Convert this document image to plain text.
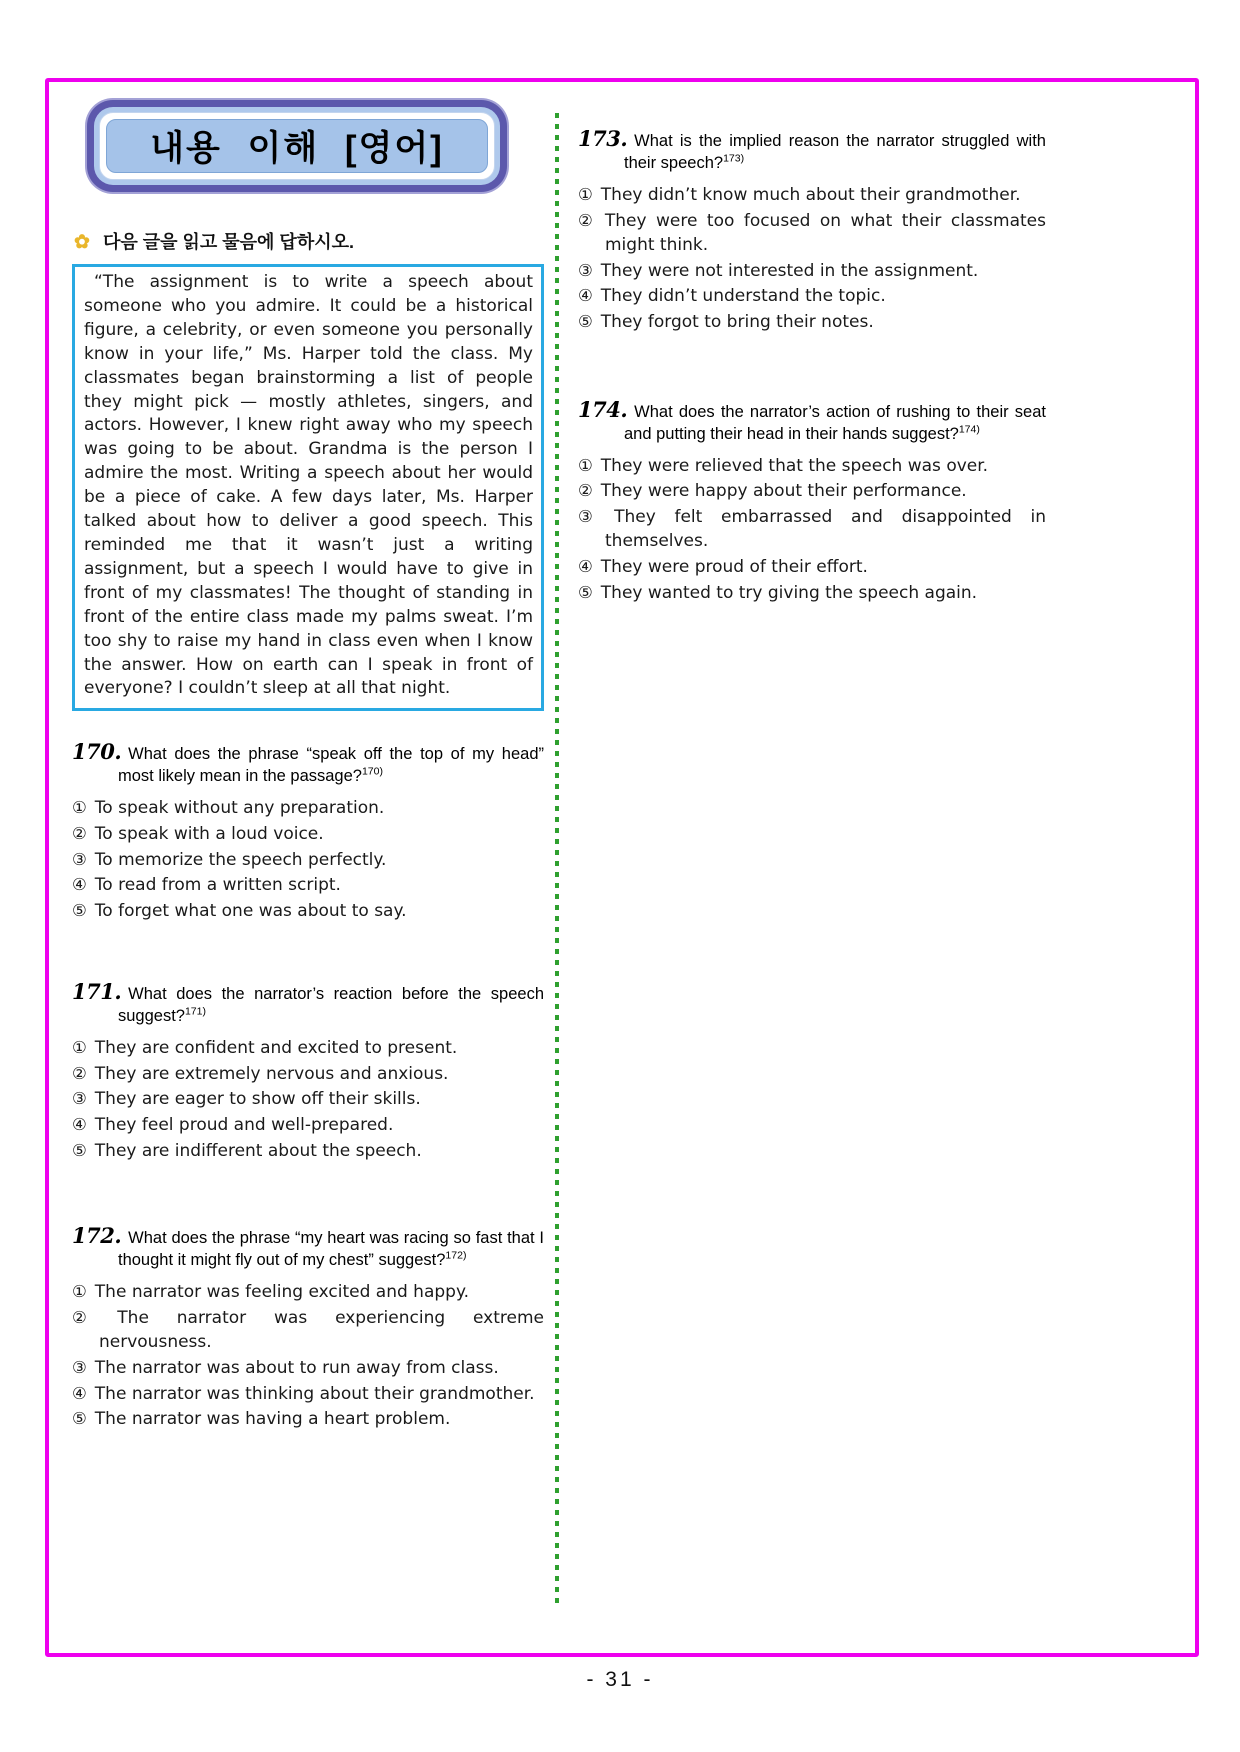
내용 이해 [영어]
✿ 다음 글을 읽고 물음에 답하시오.

“The assignment is to write a speech about someone who you admire. It could be a historical figure, a celebrity, or even someone you personally know in your life,” Ms. Harper told the class. My classmates began brainstorming a list of people they might pick — mostly athletes, singers, and actors. However, I knew right away who my speech was going to be about. Grandma is the person I admire the most. Writing a speech about her would be a piece of cake. A few days later, Ms. Harper talked about how to deliver a good speech. This reminded me that it wasn’t just a writing assignment, but a speech I would have to give in front of my classmates! The thought of standing in front of the entire class made my palms sweat. I’m too shy to raise my hand in class even when I know the answer. How on earth can I speak in front of everyone? I couldn’t sleep at all that night.

170. What does the phrase “speak off the top of my head” most likely mean in the passage?$^{170)}$

① To speak without any preparation.

② To speak with a loud voice.

③ To memorize the speech perfectly.

④ To read from a written script.

⑤ To forget what one was about to say.

171. What does the narrator’s reaction before the speech suggest?$^{171)}$

① They are confident and excited to present.

② They are extremely nervous and anxious.

③ They are eager to show off their skills.

④ They feel proud and well-prepared.

⑤ They are indifferent about the speech.

172. What does the phrase “my heart was racing so fast that I thought it might fly out of my chest” suggest?$^{172)}$

① The narrator was feeling excited and happy.

② The narrator was experiencing extreme nervousness.

③ The narrator was about to run away from class.

④ The narrator was thinking about their grandmother.

⑤ The narrator was having a heart problem.

173. What is the implied reason the narrator struggled with their speech?$^{173)}$

① They didn’t know much about their grandmother.

② They were too focused on what their classmates might think.

③ They were not interested in the assignment.

④ They didn’t understand the topic.

⑤ They forgot to bring their notes.

174. What does the narrator’s action of rushing to their seat and putting their head in their hands suggest?$^{174)}$

① They were relieved that the speech was over.

② They were happy about their performance.

③ They felt embarrassed and disappointed in themselves.

④ They were proud of their effort.

⑤ They wanted to try giving the speech again.

- 31 -
